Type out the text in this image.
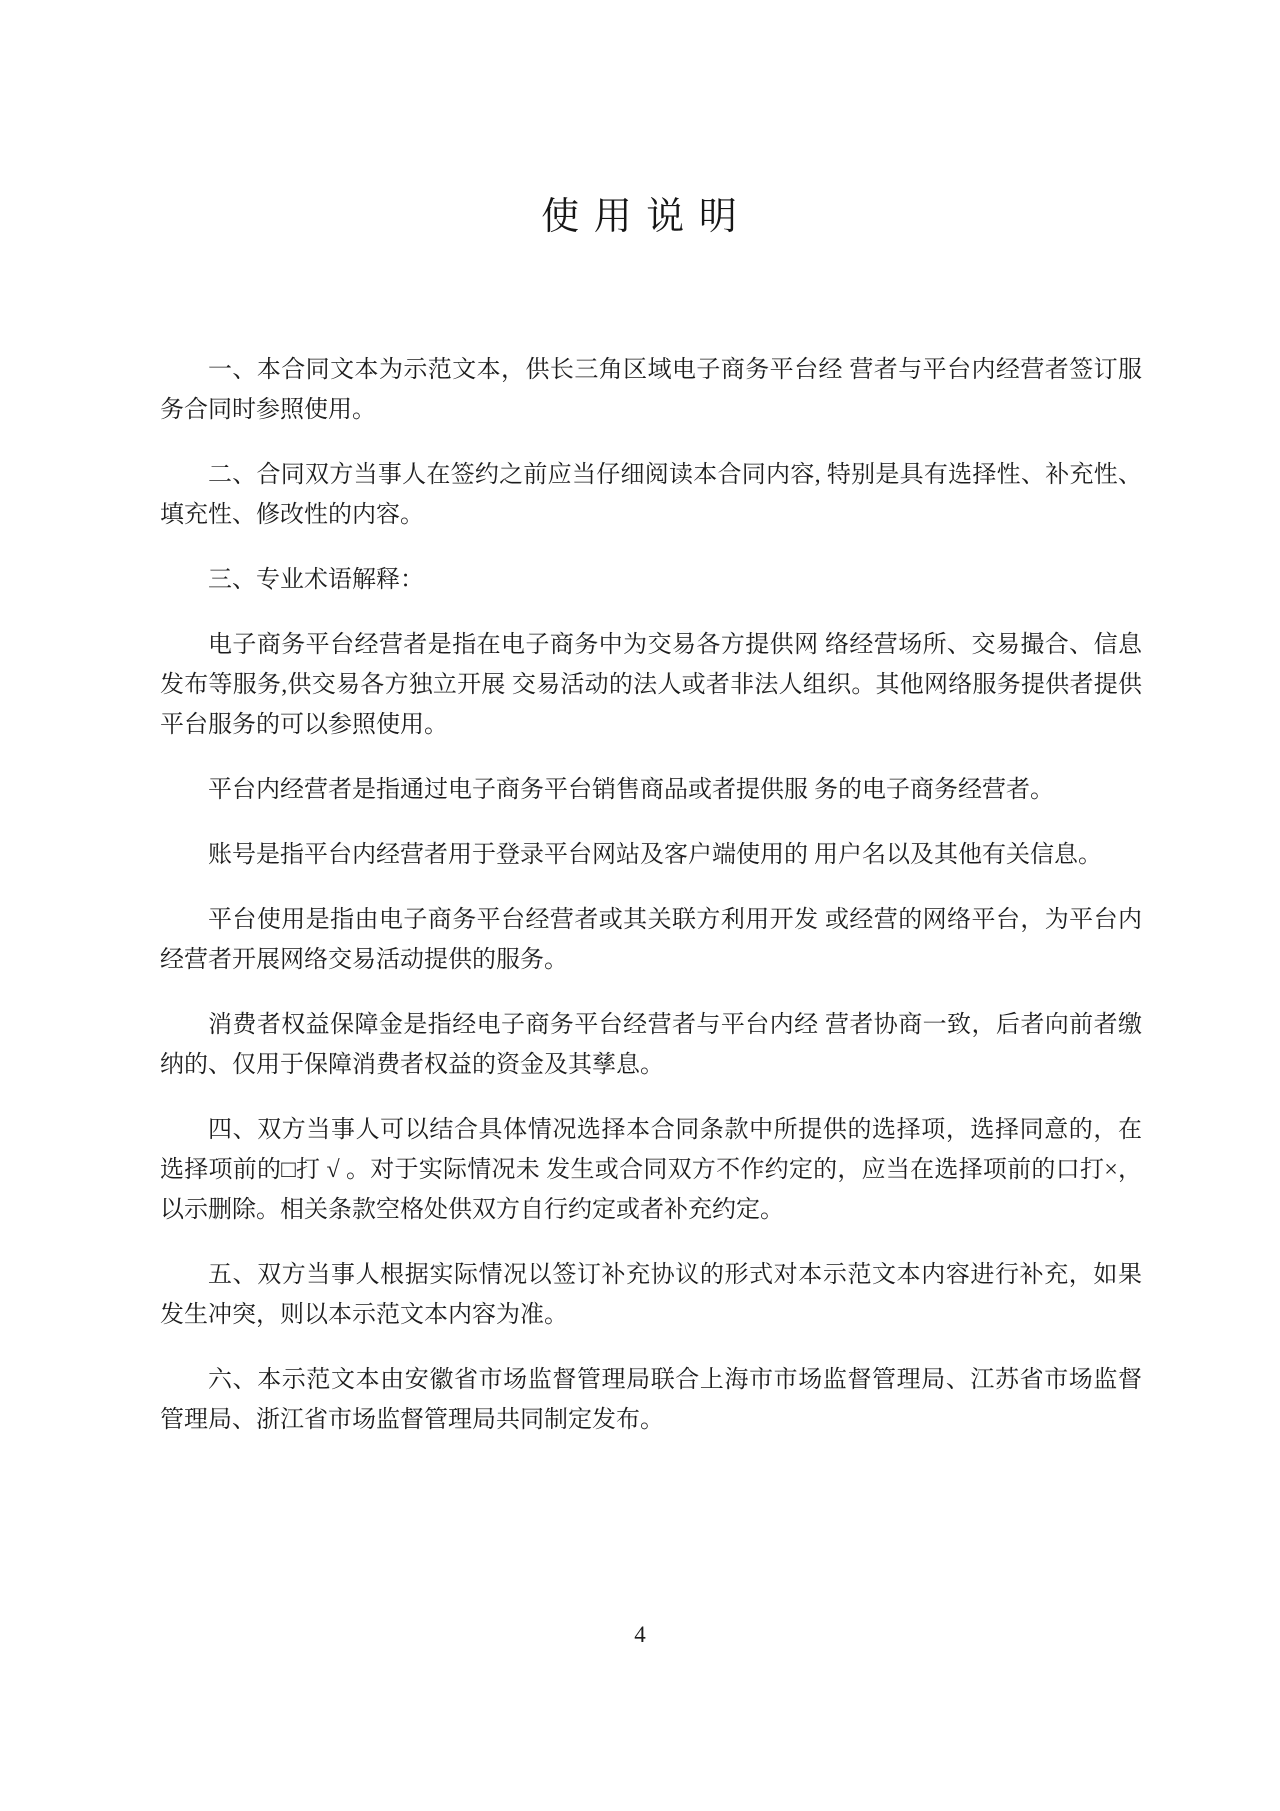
使 用 说 明

一、本合同文本为示范文本，供长三角区域电子商务平台经 营者与平台内经营者签订服务合同时参照使用。

二、合同双方当事人在签约之前应当仔细阅读本合同内容, 特别是具有选择性、补充性、填充性、修改性的内容。

三、专业术语解释：

电子商务平台经营者是指在电子商务中为交易各方提供网 络经营场所、交易撮合、信息发布等服务,供交易各方独立开展 交易活动的法人或者非法人组织。其他网络服务提供者提供平台服务的可以参照使用。

平台内经营者是指通过电子商务平台销售商品或者提供服 务的电子商务经营者。

账号是指平台内经营者用于登录平台网站及客户端使用的 用户名以及其他有关信息。

平台使用是指由电子商务平台经营者或其关联方利用开发 或经营的网络平台，为平台内经营者开展网络交易活动提供的服务。

消费者权益保障金是指经电子商务平台经营者与平台内经 营者协商一致，后者向前者缴纳的、仅用于保障消费者权益的资金及其孳息。

四、双方当事人可以结合具体情况选择本合同条款中所提供的选择项，选择同意的，在选择项前的□打 √ 。对于实际情况未 发生或合同双方不作约定的，应当在选择项前的口打×，以示删除。相关条款空格处供双方自行约定或者补充约定。

五、双方当事人根据实际情况以签订补充协议的形式对本示范文本内容进行补充，如果发生冲突，则以本示范文本内容为准。

六、本示范文本由安徽省市场监督管理局联合上海市市场监督管理局、江苏省市场监督管理局、浙江省市场监督管理局共同制定发布。

4
